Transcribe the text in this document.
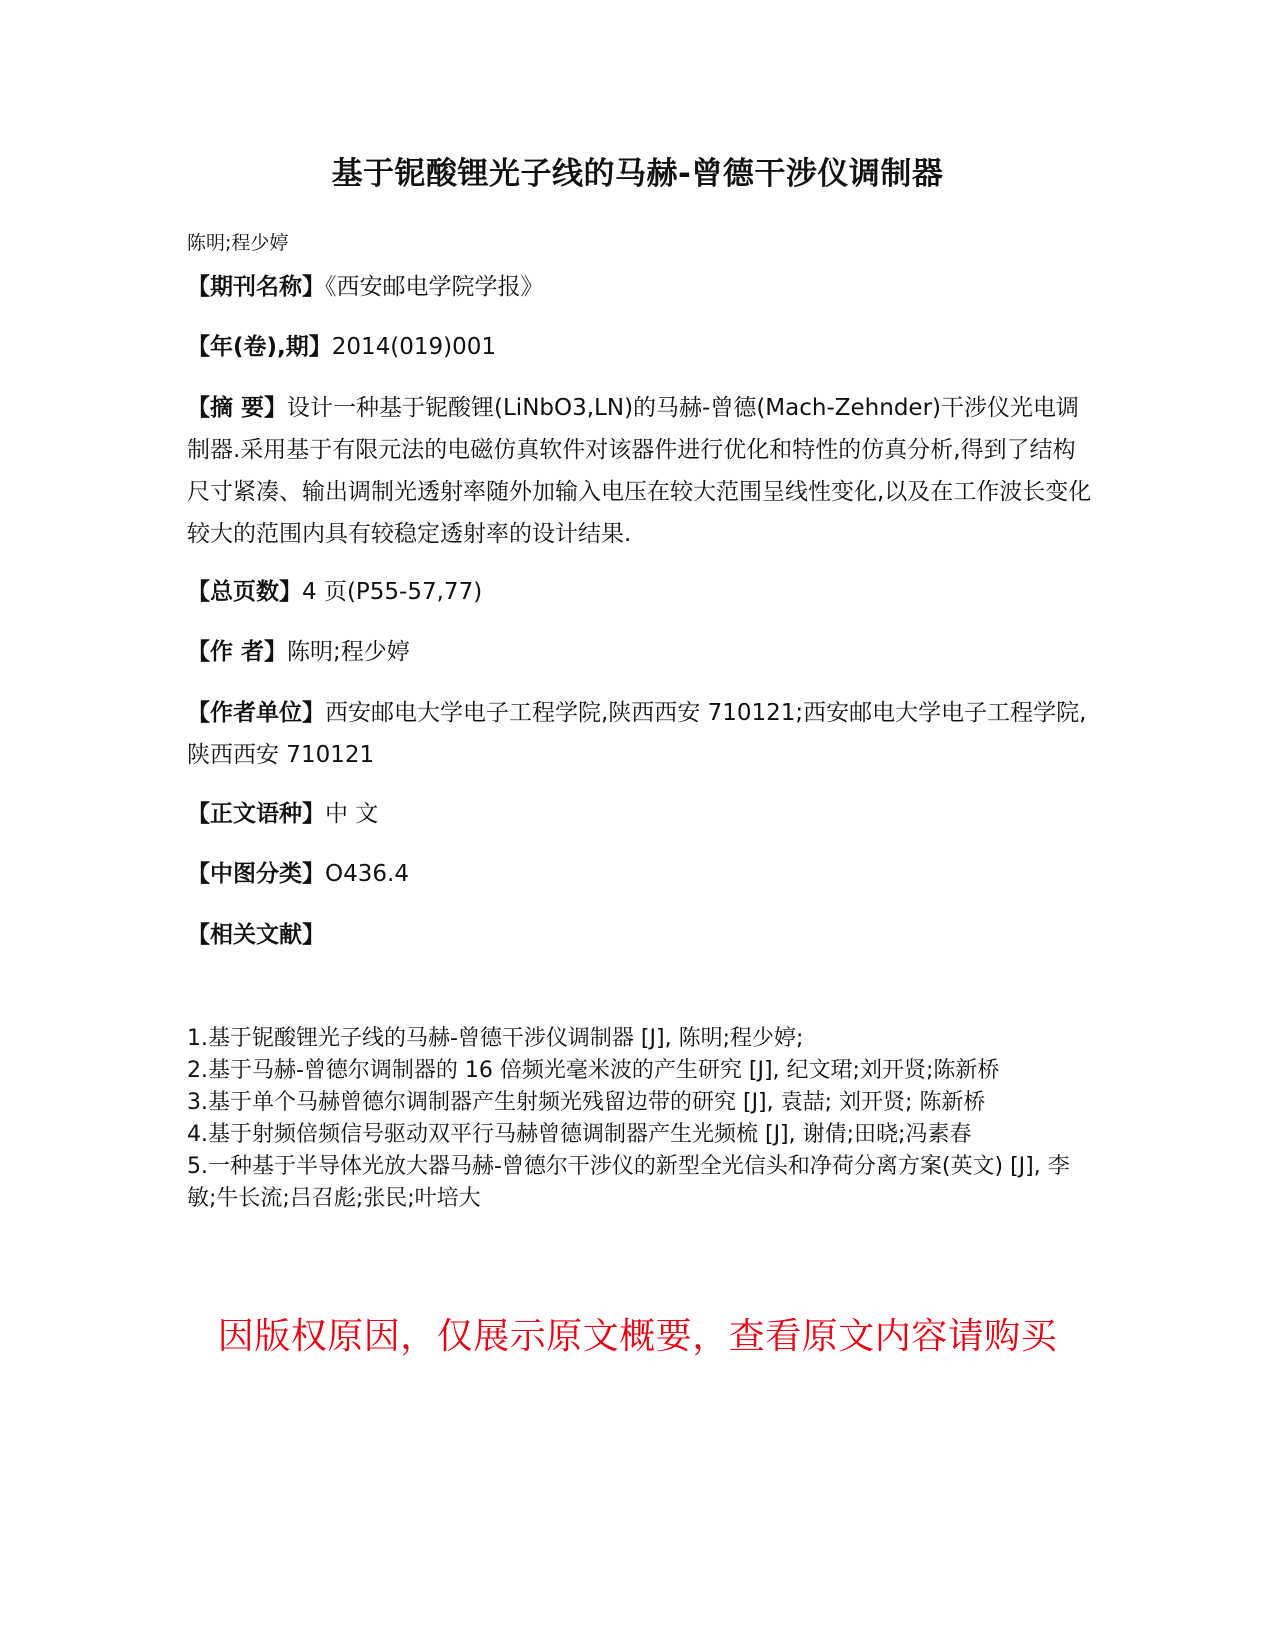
基于铌酸锂光子线的马赫-曾德干涉仪调制器
陈明;程少婷
【期刊名称】《西安邮电学院学报》
【年(卷),期】2014(019)001
【摘 要】设计一种基于铌酸锂(LiNbO3,LN)的马赫-曾德(Mach-Zehnder)干涉仪光电调制器.采用基于有限元法的电磁仿真软件对该器件进行优化和特性的仿真分析,得到了结构尺寸紧凑、输出调制光透射率随外加输入电压在较大范围呈线性变化,以及在工作波长变化较大的范围内具有较稳定透射率的设计结果.
【总页数】4 页(P55-57,77)
【作 者】陈明;程少婷
【作者单位】西安邮电大学电子工程学院,陕西西安 710121;西安邮电大学电子工程学院,陕西西安 710121
【正文语种】中 文
【中图分类】O436.4
【相关文献】
1.基于铌酸锂光子线的马赫-曾德干涉仪调制器 [J], 陈明;程少婷;
2.基于马赫-曾德尔调制器的 16 倍频光毫米波的产生研究 [J], 纪文珺;刘开贤;陈新桥
3.基于单个马赫曾德尔调制器产生射频光残留边带的研究 [J], 袁喆; 刘开贤; 陈新桥
4.基于射频倍频信号驱动双平行马赫曾德调制器产生光频梳 [J], 谢倩;田晓;冯素春
5.一种基于半导体光放大器马赫-曾德尔干涉仪的新型全光信头和净荷分离方案(英文) [J], 李敏;牛长流;吕召彪;张民;叶培大
因版权原因，仅展示原文概要，查看原文内容请购买
